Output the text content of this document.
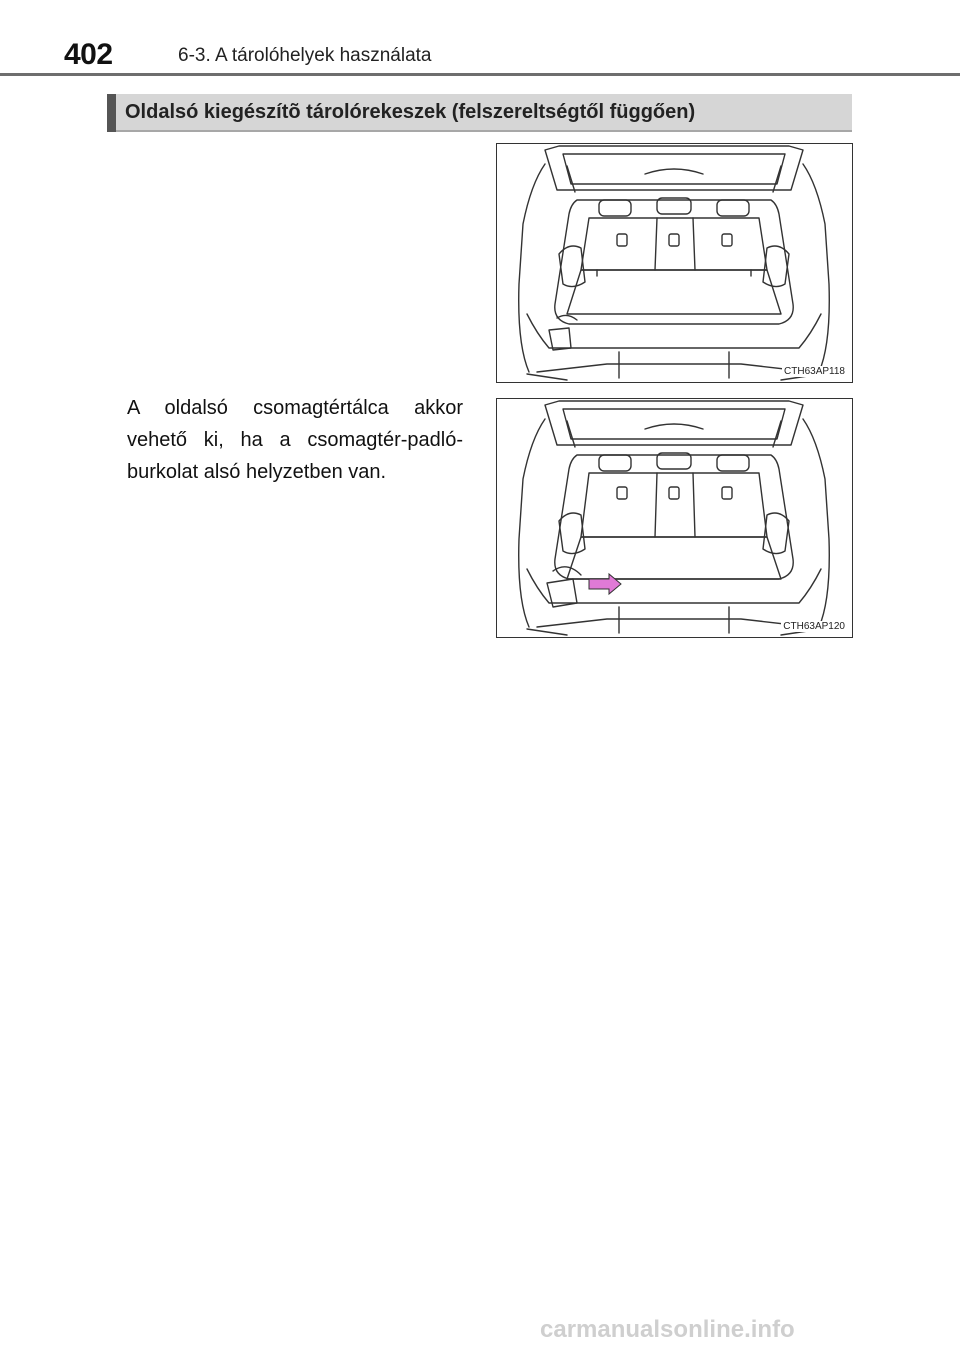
402	6-3. A tárolóhelyek használata
Oldalsó kiegészítõ tárolórekeszek (felszereltségtől függően)
A oldalsó csomagtértálca akkor vehető ki, ha a csomagtér-padló-burkolat alsó helyzetben van.
CTH63AP118
CTH63AP120
carmanualsonline.info
